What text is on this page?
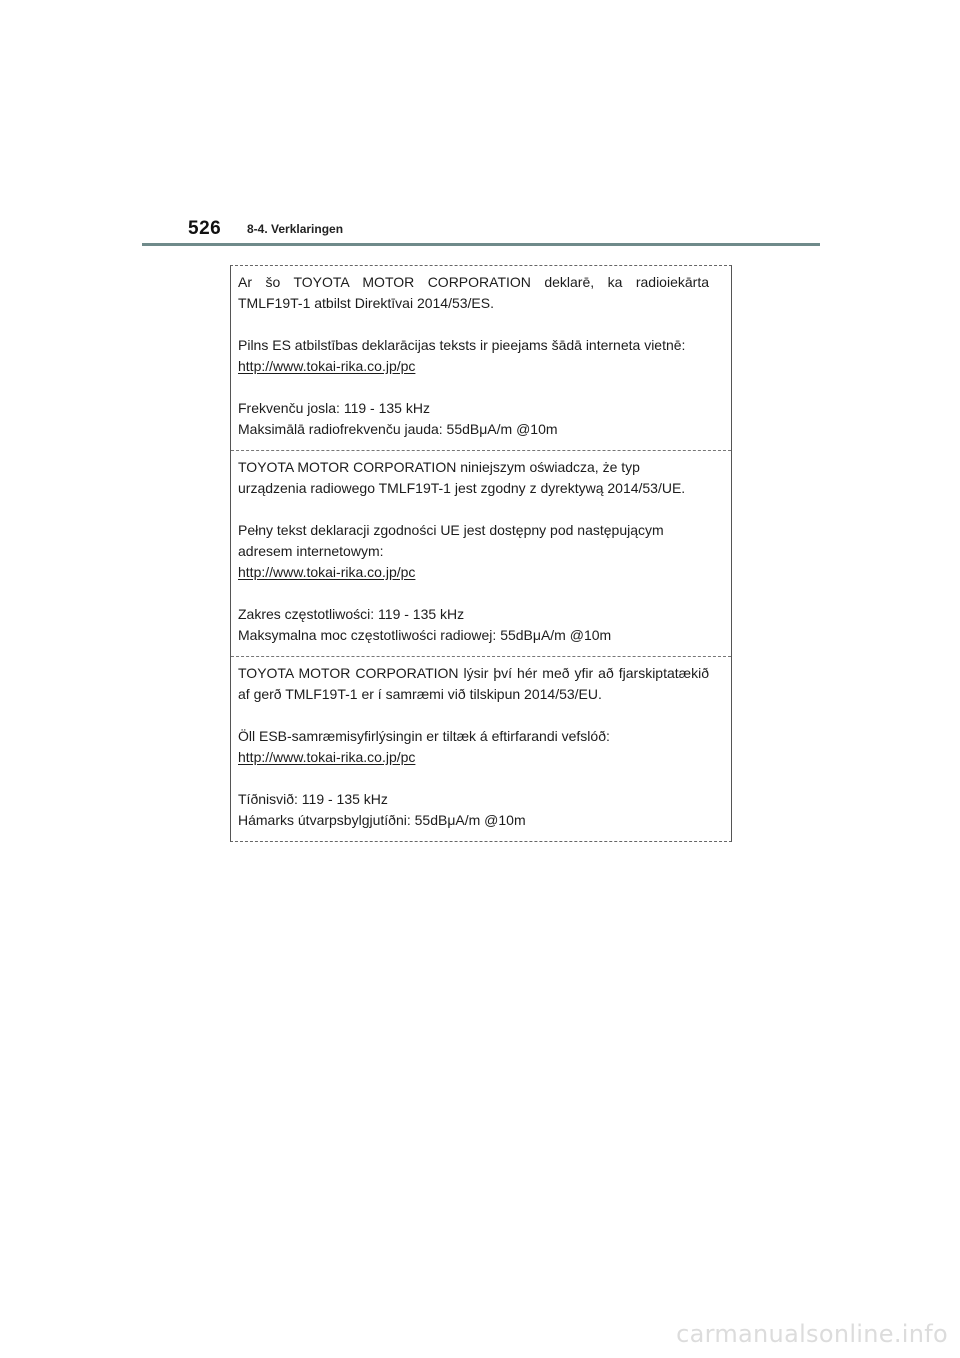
526 8-4. Verklaringen

Ar šo TOYOTA MOTOR CORPORATION deklarē, ka radioiekārta TMLF19T-1 atbilst Direktīvai 2014/53/ES.

Pilns ES atbilstības deklarācijas teksts ir pieejams šādā interneta vietnē:

http://www.tokai-rika.co.jp/pc

Frekvenču josla: 119 - 135 kHz

Maksimālā radiofrekvenču jauda: 55dBμA/m @10m

TOYOTA MOTOR CORPORATION niniejszym oświadcza, że typ urządzenia radiowego TMLF19T-1 jest zgodny z dyrektywą 2014/53/UE.

Pełny tekst deklaracji zgodności UE jest dostępny pod następującym adresem internetowym:

http://www.tokai-rika.co.jp/pc

Zakres częstotliwości: 119 - 135 kHz

Maksymalna moc częstotliwości radiowej: 55dBμA/m @10m

TOYOTA MOTOR CORPORATION lýsir því hér með yfir að fjarskiptatækið af gerð TMLF19T-1 er í samræmi við tilskipun 2014/53/EU.

Öll ESB-samræmisyfirlýsingin er tiltæk á eftirfarandi vefslóð:

http://www.tokai-rika.co.jp/pc

Tíðnisvið: 119 - 135 kHz

Hámarks útvarpsbylgjutíðni: 55dBμA/m @10m

carmanualsonline.info
